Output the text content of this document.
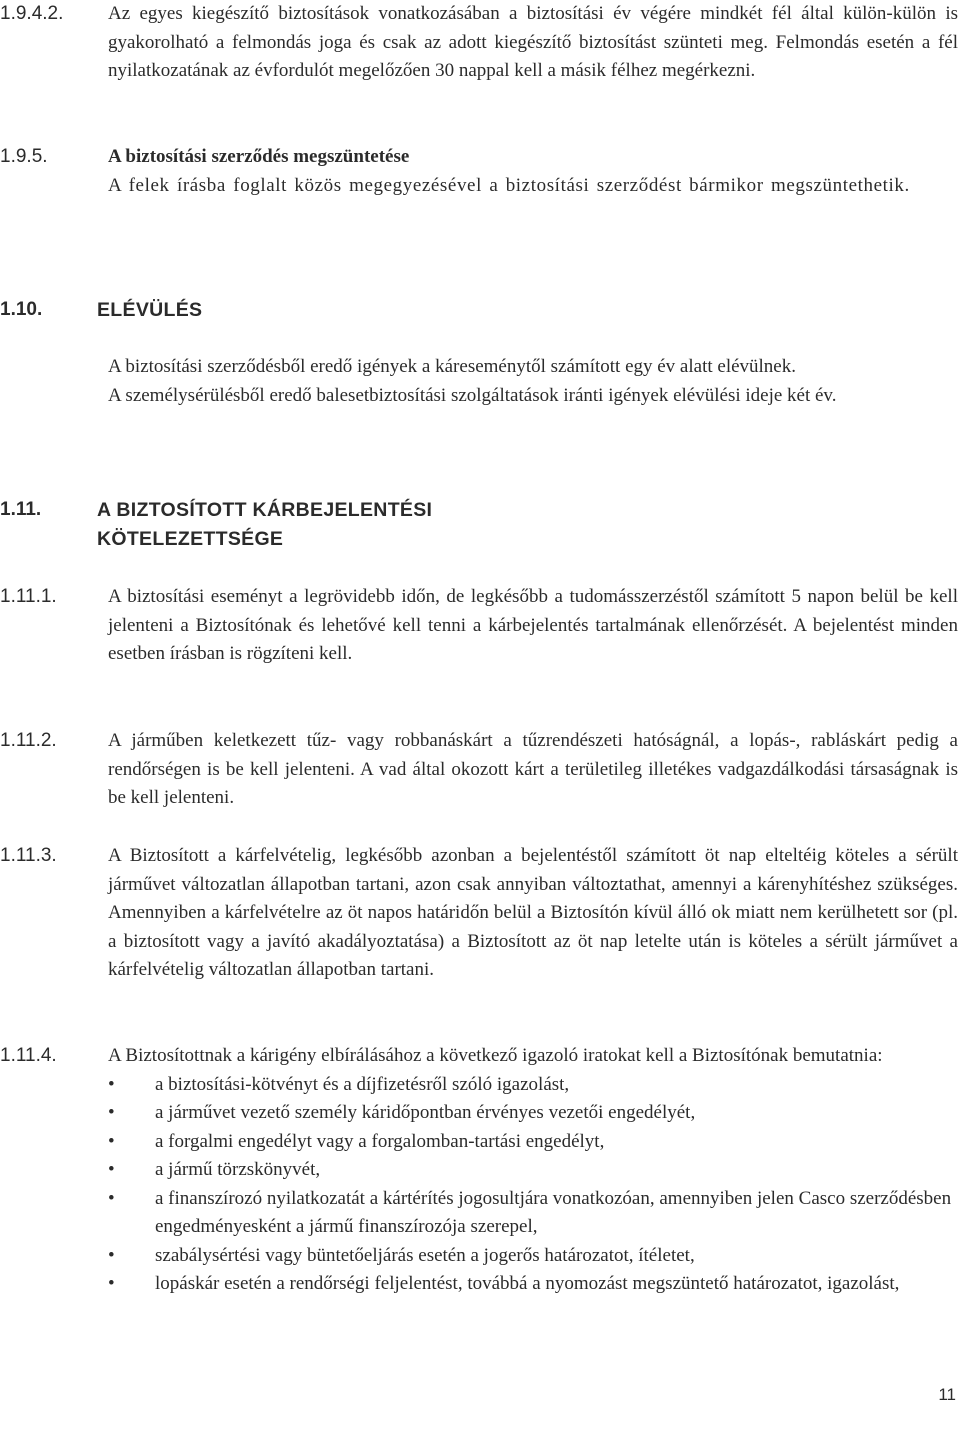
1.9.4.2. Az egyes kiegészítő biztosítások vonatkozásában a biztosítási év végére mindkét fél által külön-külön is gyakorolható a felmondás joga és csak az adott kiegészítő biztosítást szünteti meg. Felmondás esetén a fél nyilatkozatának az évfordulót megelőzően 30 nappal kell a másik félhez megérkezni.

1.9.5.	A biztosítási szerződés megszüntetése

A felek írásba foglalt közös megegyezésével a biztosítási szerződést bármikor megszüntethetik.

1.10.	ELÉVÜLÉS

A biztosítási szerződésből eredő igények a káreseménytől számított egy év alatt elévülnek.

A személysérülésből eredő balesetbiztosítási szolgáltatások iránti igények elévülési ideje két év.

1.11.	A BIZTOSÍTOTT KÁRBEJELENTÉSI
KÖTELEZETTSÉGE
1.11.1.	A biztosítási eseményt a legrövidebb időn, de legkésőbb a tudomásszerzéstől számított 5 napon belül be kell jelenteni a Biztosítónak és lehetővé kell tenni a kárbejelentés tartalmának ellenőrzését. A bejelentést minden esetben írásban is rögzíteni kell.

1.11.2.	A járműben keletkezett tűz- vagy robbanáskárt a tűzrendészeti hatóságnál, a lopás-, rabláskárt pedig a rendőrségen is be kell jelenteni. A vad által okozott kárt a területileg illetékes vadgazdálkodási társaságnak is be kell jelenteni.

1.11.3.	A Biztosított a kárfelvételig, legkésőbb azonban a bejelentéstől számított öt nap elteltéig köteles a sérült járművet változatlan állapotban tartani, azon csak annyiban változtathat, amennyi a kárenyhítéshez szükséges. Amennyiben a kárfelvételre az öt napos határidőn belül a Biztosítón kívül álló ok miatt nem kerülhetett sor (pl. a biztosított vagy a javító akadályoztatása) a Biztosított az öt nap letelte után is köteles a sérült járművet a kárfelvételig változatlan állapotban tartani.

1.11.4.	A Biztosítottnak a kárigény elbírálásához a következő igazoló iratokat kell a Biztosítónak bemutatnia:

• a biztosítási-kötvényt és a díjfizetésről szóló igazolást,
• a járművet vezető személy káridőpontban érvényes vezetői engedélyét,
• a forgalmi engedélyt vagy a forgalomban-tartási engedélyt,
• a jármű törzskönyvét,
• a finanszírozó nyilatkozatát a kártérítés jogosultjára vonatkozóan, amennyiben jelen Casco szerződésben engedményesként a jármű finanszírozója szerepel,
• szabálysértési vagy büntetőeljárás esetén a jogerős határozatot, ítéletet,
• lopáskár esetén a rendőrségi feljelentést, továbbá a nyomozást megszüntető határozatot, igazolást,
11
